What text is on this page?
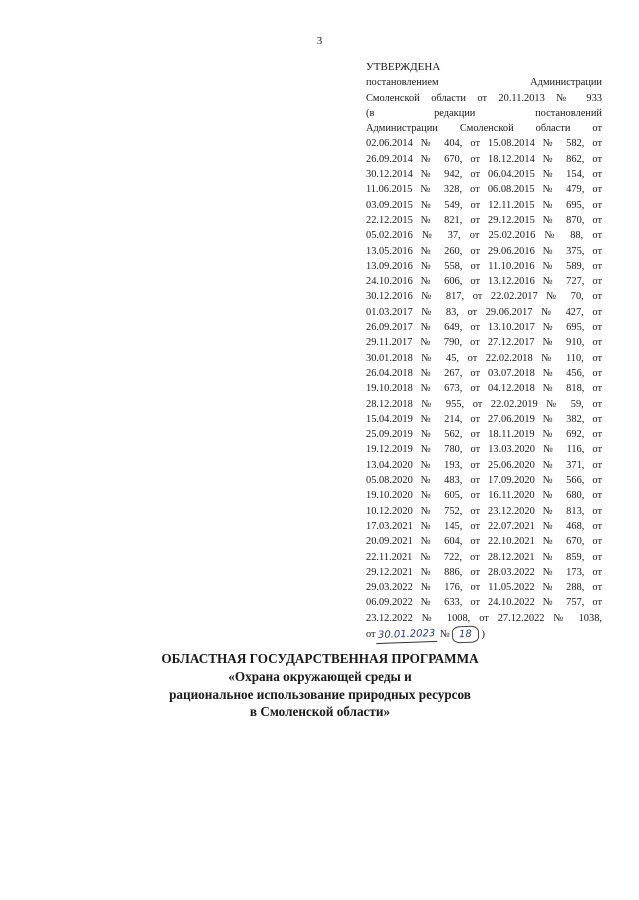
3

УТВЕРЖДЕНА

постановлением Администрации
Смоленской области от 20.11.2013 № 933
(в редакции постановлений
Администрации Смоленской области от
02.06.2014 № 404, от 15.08.2014 № 582, от
26.09.2014 № 670, от 18.12.2014 № 862, от
30.12.2014 № 942, от 06.04.2015 № 154, от
11.06.2015 № 328, от 06.08.2015 № 479, от
03.09.2015 № 549, от 12.11.2015 № 695, от
22.12.2015 № 821, от 29.12.2015 № 870, от
05.02.2016 № 37, от 25.02.2016 № 88, от
13.05.2016 № 260, от 29.06.2016 № 375, от
13.09.2016 № 558, от 11.10.2016 № 589, от
24.10.2016 № 606, от 13.12.2016 № 727, от
30.12.2016 № 817, от 22.02.2017 № 70, от
01.03.2017 № 83, от 29.06.2017 № 427, от
26.09.2017 № 649, от 13.10.2017 № 695, от
29.11.2017 № 790, от 27.12.2017 № 910, от
30.01.2018 № 45, от 22.02.2018 № 110, от
26.04.2018 № 267, от 03.07.2018 № 456, от
19.10.2018 № 673, от 04.12.2018 № 818, от
28.12.2018 № 955, от 22.02.2019 № 59, от
15.04.2019 № 214, от 27.06.2019 № 382, от
25.09.2019 № 562, от 18.11.2019 № 692, от
19.12.2019 № 780, от 13.03.2020 № 116, от
13.04.2020 № 193, от 25.06.2020 № 371, от
05.08.2020 № 483, от 17.09.2020 № 566, от
19.10.2020 № 605, от 16.11.2020 № 680, от
10.12.2020 № 752, от 23.12.2020 № 813, от
17.03.2021 № 145, от 22.07.2021 № 468, от
20.09.2021 № 604, от 22.10.2021 № 670, от
22.11.2021 № 722, от 28.12.2021 № 859, от
29.12.2021 № 886, от 28.03.2022 № 173, от
29.03.2022 № 176, от 11.05.2022 № 288, от
06.09.2022 № 633, от 24.10.2022 № 757, от
23.12.2022 № 1008, от 27.12.2022 № 1038,
от 30.01.2023 № 18 )
ОБЛАСТНАЯ ГОСУДАРСТВЕННАЯ ПРОГРАММА
«Охрана окружающей среды и
рациональное использование природных ресурсов
в Смоленской области»
